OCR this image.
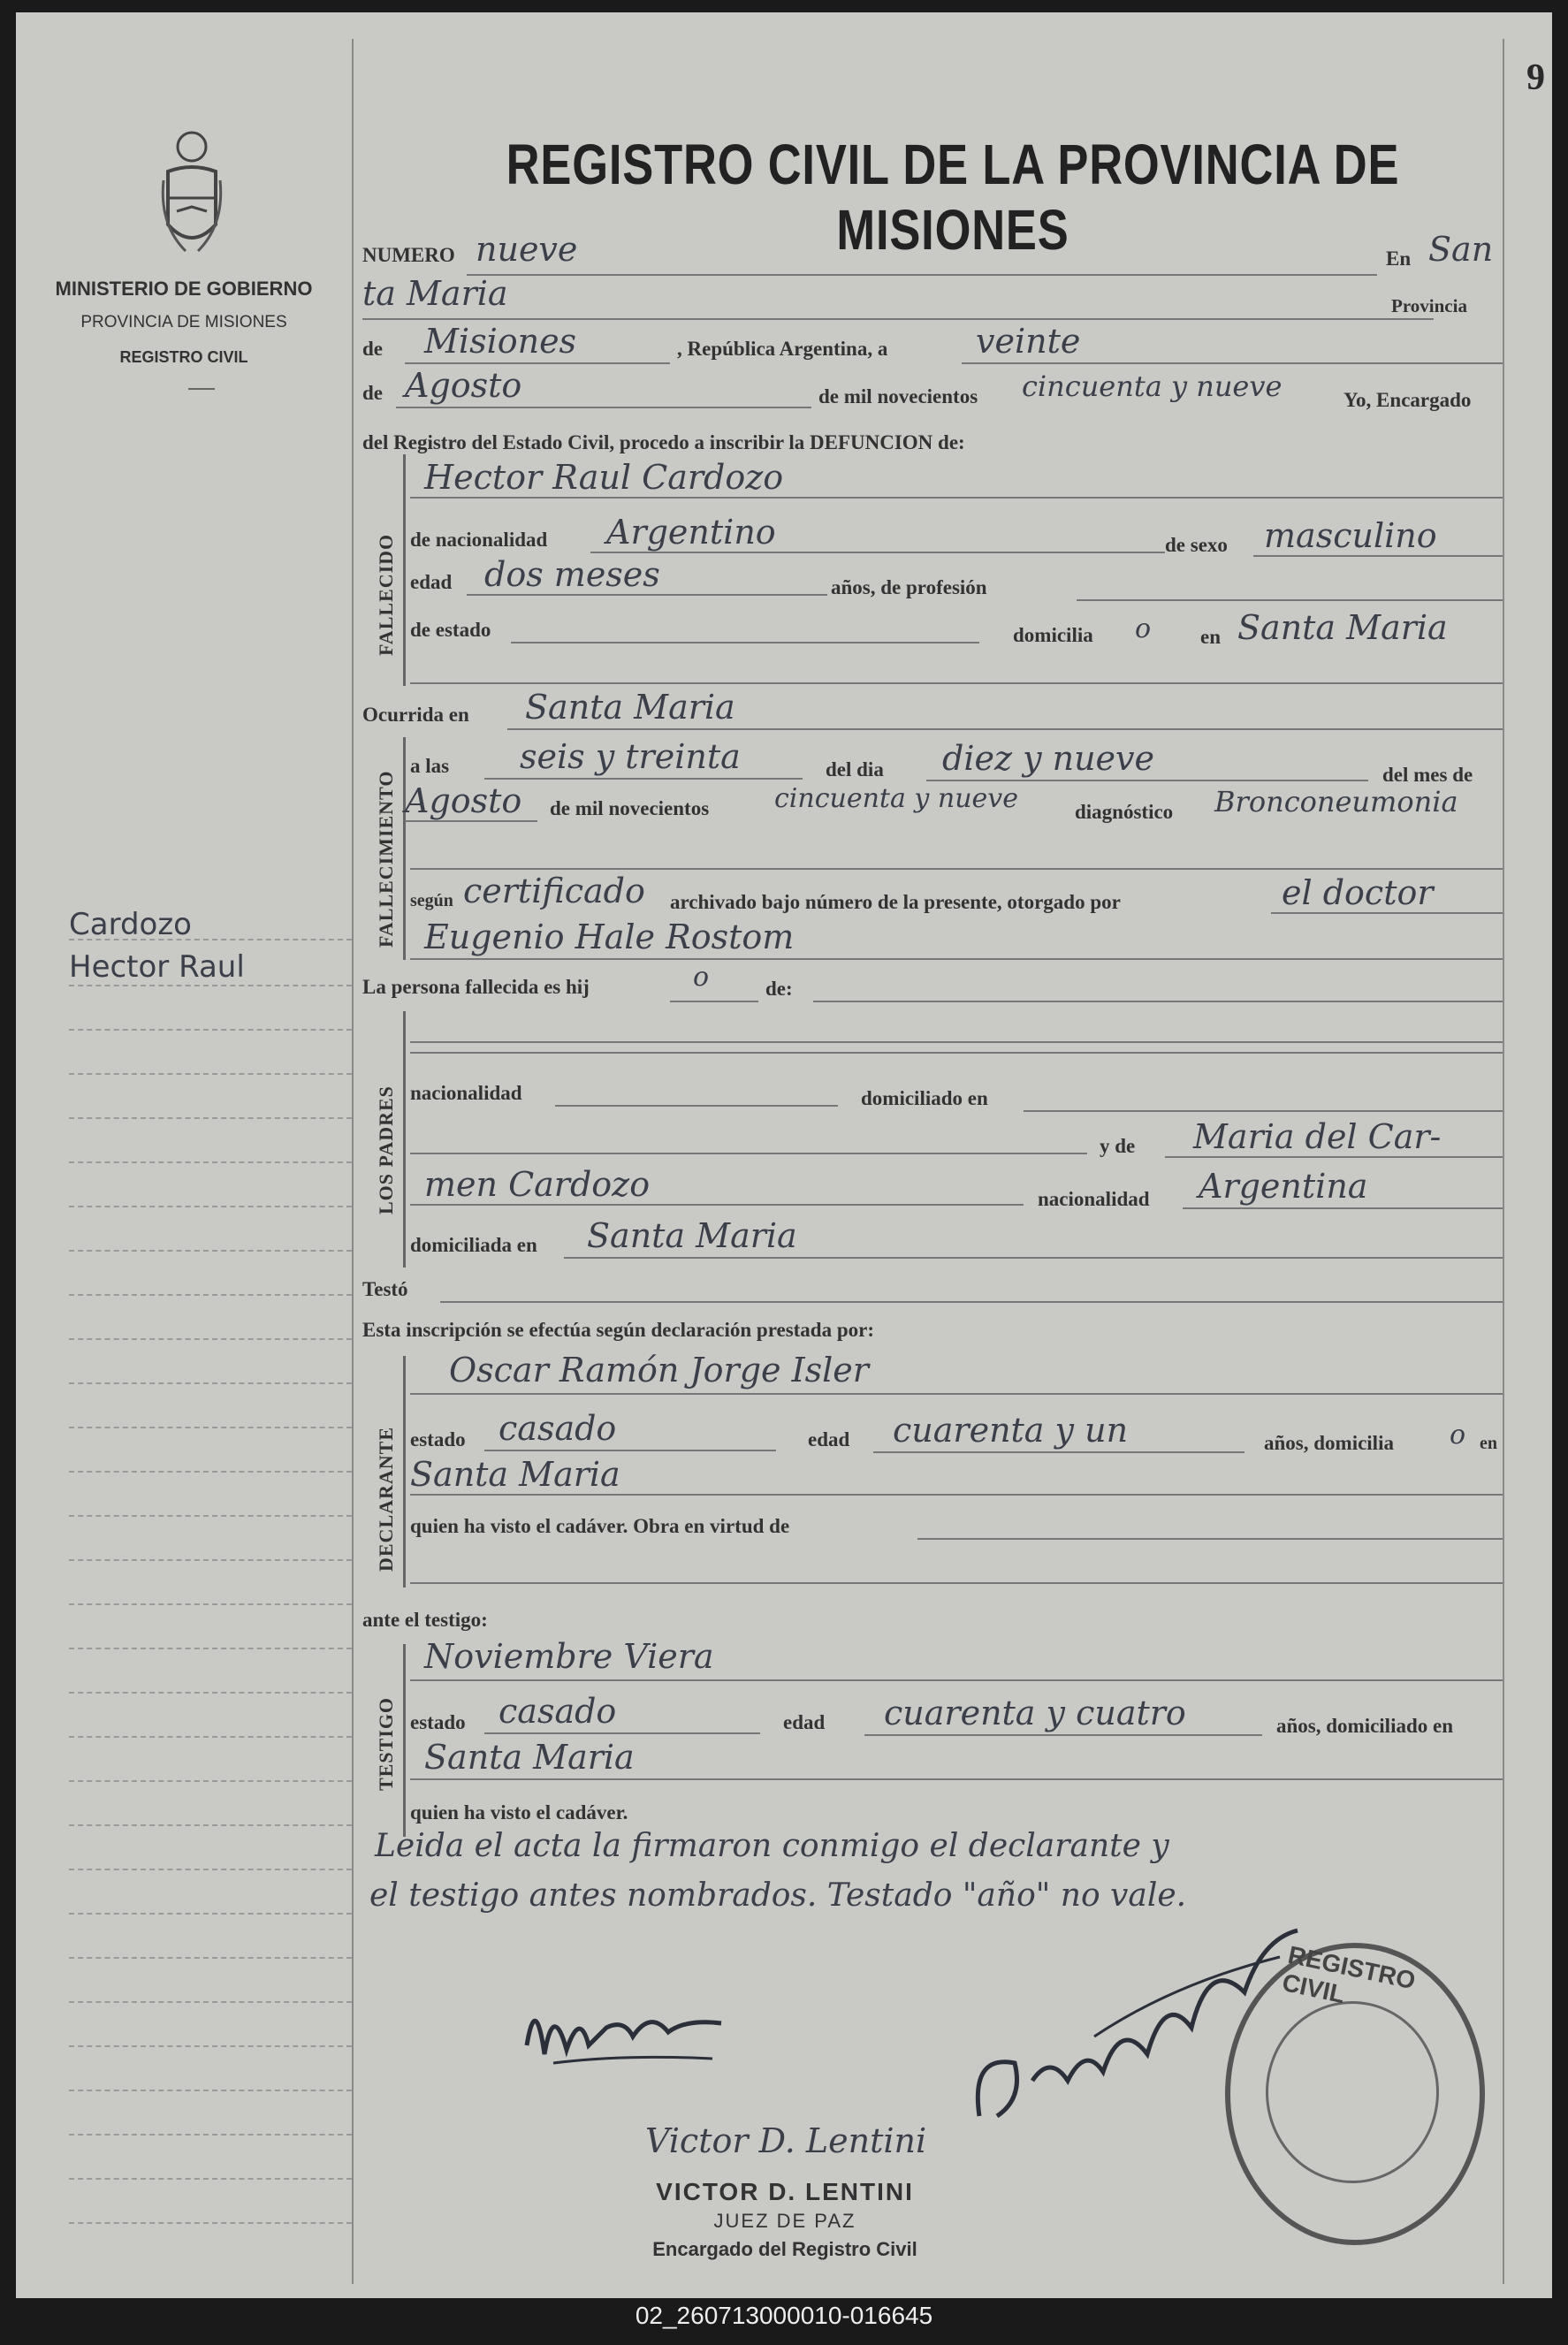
MINISTERIO DE GOBIERNO
PROVINCIA DE MISIONES
REGISTRO CIVIL
Cardozo
Hector Raul
9
REGISTRO CIVIL DE LA PROVINCIA DE MISIONES
NUMERO nueve	En San
ta Maria	Provincia
de Misiones	, República Argentina, a	veinte
de Agosto	de mil novecientos cincuenta y nueve	Yo, Encargado
del Registro del Estado Civil, procedo a inscribir la DEFUNCION de:
FALLECIDO
Hector Raul Cardozo
de nacionalidad Argentino	de sexo masculino
edad dos meses	años, de profesión
de estado	domicilia o en Santa Maria
Ocurrida en Santa Maria
FALLECIMIENTO
a las seis y treinta	del dia diez y nueve	del mes de
Agosto de mil novecientos cincuenta y nueve	diagnóstico Bronconeumonia
según certificado archivado bajo número de la presente, otorgado por	el doctor
Eugenio Hale Rostom
La persona fallecida es hij	o	de:
LOS PADRES nacionalidad	domiciliado en
y de Maria del Car-
men Cardozo	nacionalidad Argentina
domiciliada en Santa Maria
Testó
Esta inscripción se efectúa según declaración prestada por:
DECLARANTE
Oscar Ramón Jorge Isler
estado casado	edad cuarenta y un	años, domicilia o en
Santa Maria
quien ha visto el cadáver. Obra en virtud de
ante el testigo:
TESTIGO
Noviembre Viera
estado casado	edad cuarenta y cuatro	años, domiciliado en
Santa Maria
quien ha visto el cadáver.
Leida el acta la firmaron conmigo el declarante y
el testigo antes nombrados. Testado "año" no vale.
REGISTRO CIVIL
Victor D. Lentini
VICTOR D. LENTINI
JUEZ DE PAZ
Encargado del Registro Civil
02_260713000010-016645
